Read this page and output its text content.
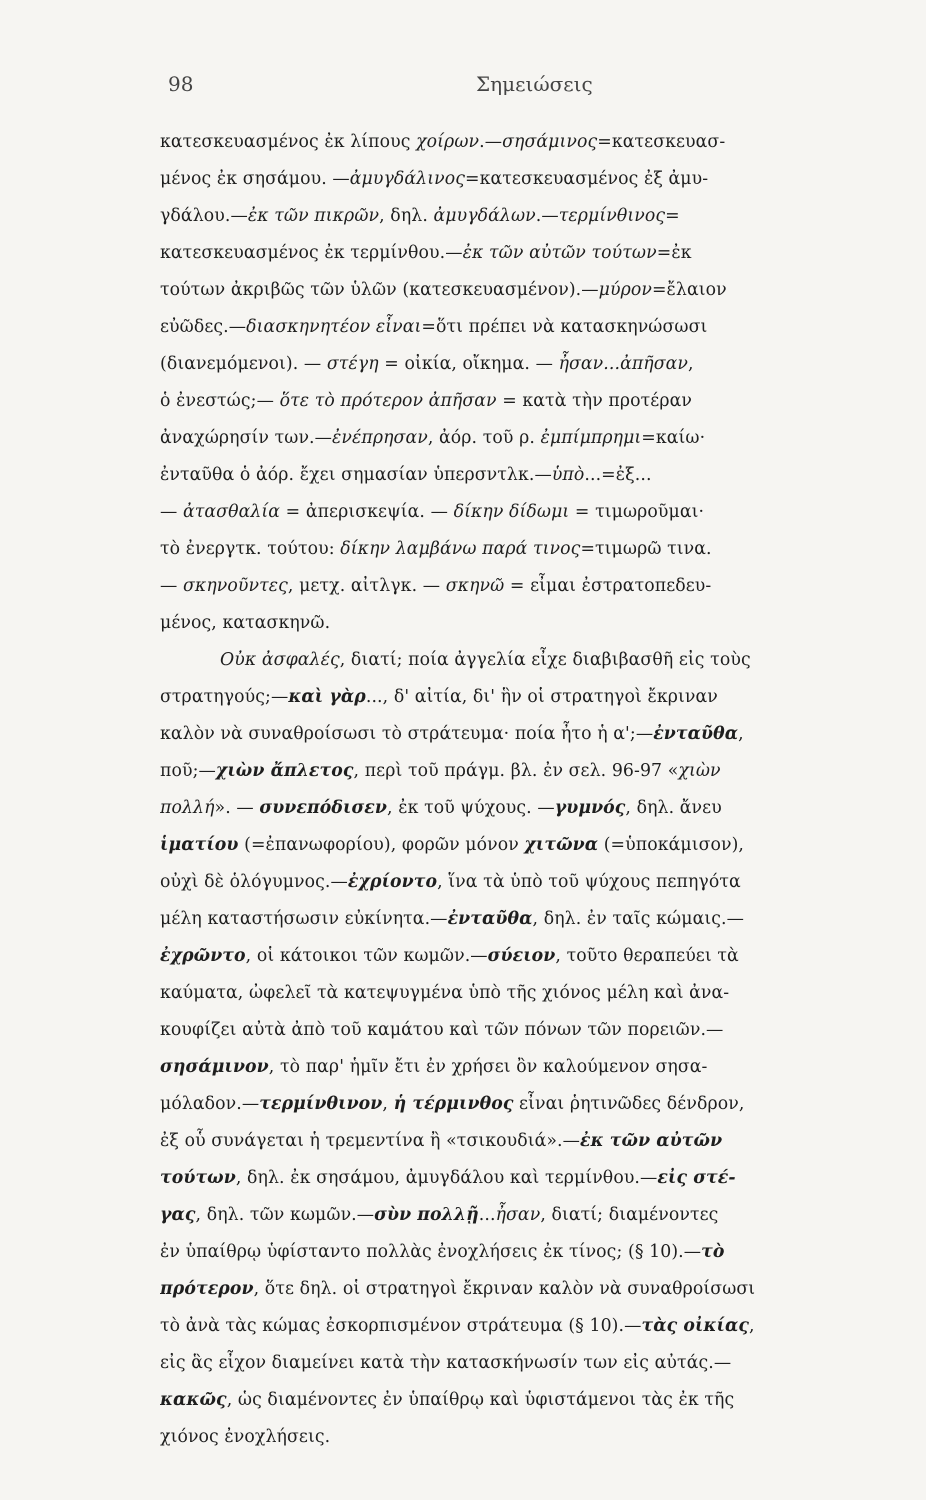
98	Σημειώσεις
κατεσκευασμένος ἐκ λίπους χοίρων.—σησάμινος=κατεσκευασ-
μένος ἐκ σησάμου. —ἀμυγδάλινος=κατεσκευασμένος ἐξ ἀμυ-
γδάλου.—ἐκ τῶν πικρῶν, δηλ. ἀμυγδάλων.—τερμίνθινος=
κατεσκευασμένος ἐκ τερμίνθου.—ἐκ τῶν αὐτῶν τούτων=ἐκ
τούτων ἀκριβῶς τῶν ὑλῶν (κατεσκευασμένον).—μύρον=ἔλαιον
εὐῶδες.—διασκηνητέον εἶναι=ὅτι πρέπει νὰ κατασκηνώσωσι
(διανεμόμενοι). — στέγη = οἰκία, οἴκημα. — ἦσαν...ἀπῆσαν,
ὁ ἐνεστώς;— ὅτε τὸ πρότερον ἀπῆσαν = κατὰ τὴν προτέραν
ἀναχώρησίν των.—ἐνέπρησαν, ἀόρ. τοῦ ρ. ἐμπίμπρημι=καίω·
ἐνταῦθα ὁ ἀόρ. ἔχει σημασίαν ὑπερσντλκ.—ὑπὸ...=ἐξ...
— ἀτασθαλία = ἀπερισκεψία. — δίκην δίδωμι = τιμωροῦμαι·
τὸ ἐνεργτκ. τούτου: δίκην λαμβάνω παρά τινος=τιμωρῶ τινα.
— σκηνοῦντες, μετχ. αἰτλγκ. — σκηνῶ = εἶμαι ἐστρατοπεδευ-
μένος, κατασκηνῶ.
Οὐκ ἀσφαλές, διατί; ποία ἀγγελία εἶχε διαβιβασθῆ εἰς τοὺς
στρατηγούς;—καὶ γὰρ..., δ' αἰτία, δι' ἣν οἱ στρατηγοὶ ἔκριναν
καλὸν νὰ συναθροίσωσι τὸ στράτευμα· ποία ἦτο ἡ α';—ἐνταῦθα,
ποῦ;—χιὼν ἄπλετος, περὶ τοῦ πράγμ. βλ. ἐν σελ. 96-97 «χιὼν
πολλή». — συνεπόδισεν, ἐκ τοῦ ψύχους. —γυμνός, δηλ. ἄνευ
ἱματίου (=ἐπανωφορίου), φορῶν μόνον χιτῶνα (=ὑποκάμισον),
οὐχὶ δὲ ὁλόγυμνος.—ἐχρίοντο, ἵνα τὰ ὑπὸ τοῦ ψύχους πεπηγότα
μέλη καταστήσωσιν εὐκίνητα.—ἐνταῦθα, δηλ. ἐν ταῖς κώμαις.—
ἐχρῶντο, οἱ κάτοικοι τῶν κωμῶν.—σύειον, τοῦτο θεραπεύει τὰ
καύματα, ὠφελεῖ τὰ κατεψυγμένα ὑπὸ τῆς χιόνος μέλη καὶ ἀνα-
κουφίζει αὐτὰ ἀπὸ τοῦ καμάτου καὶ τῶν πόνων τῶν πορειῶν.—
σησάμινον, τὸ παρ' ἡμῖν ἔτι ἐν χρήσει ὂν καλούμενον σησα-
μόλαδον.—τερμίνθινον, ἡ τέρμινθος εἶναι ῥητινῶδες δένδρον,
ἐξ οὗ συνάγεται ἡ τρεμεντίνα ἢ «τσικουδιά».—ἐκ τῶν αὐτῶν
τούτων, δηλ. ἐκ σησάμου, ἀμυγδάλου καὶ τερμίνθου.—εἰς στέ-
γας, δηλ. τῶν κωμῶν.—σὺν πολλῇ...ἦσαν, διατί; διαμένοντες
ἐν ὑπαίθρῳ ὑφίσταντο πολλὰς ἐνοχλήσεις ἐκ τίνος; (§ 10).—τὸ
πρότερον, ὅτε δηλ. οἱ στρατηγοὶ ἔκριναν καλὸν νὰ συναθροίσωσι
τὸ ἀνὰ τὰς κώμας ἐσκορπισμένον στράτευμα (§ 10).—τὰς οἰκίας,
εἰς ἃς εἶχον διαμείνει κατὰ τὴν κατασκήνωσίν των εἰς αὐτάς.—
κακῶς, ὡς διαμένοντες ἐν ὑπαίθρῳ καὶ ὑφιστάμενοι τὰς ἐκ τῆς
χιόνος ἐνοχλήσεις.
